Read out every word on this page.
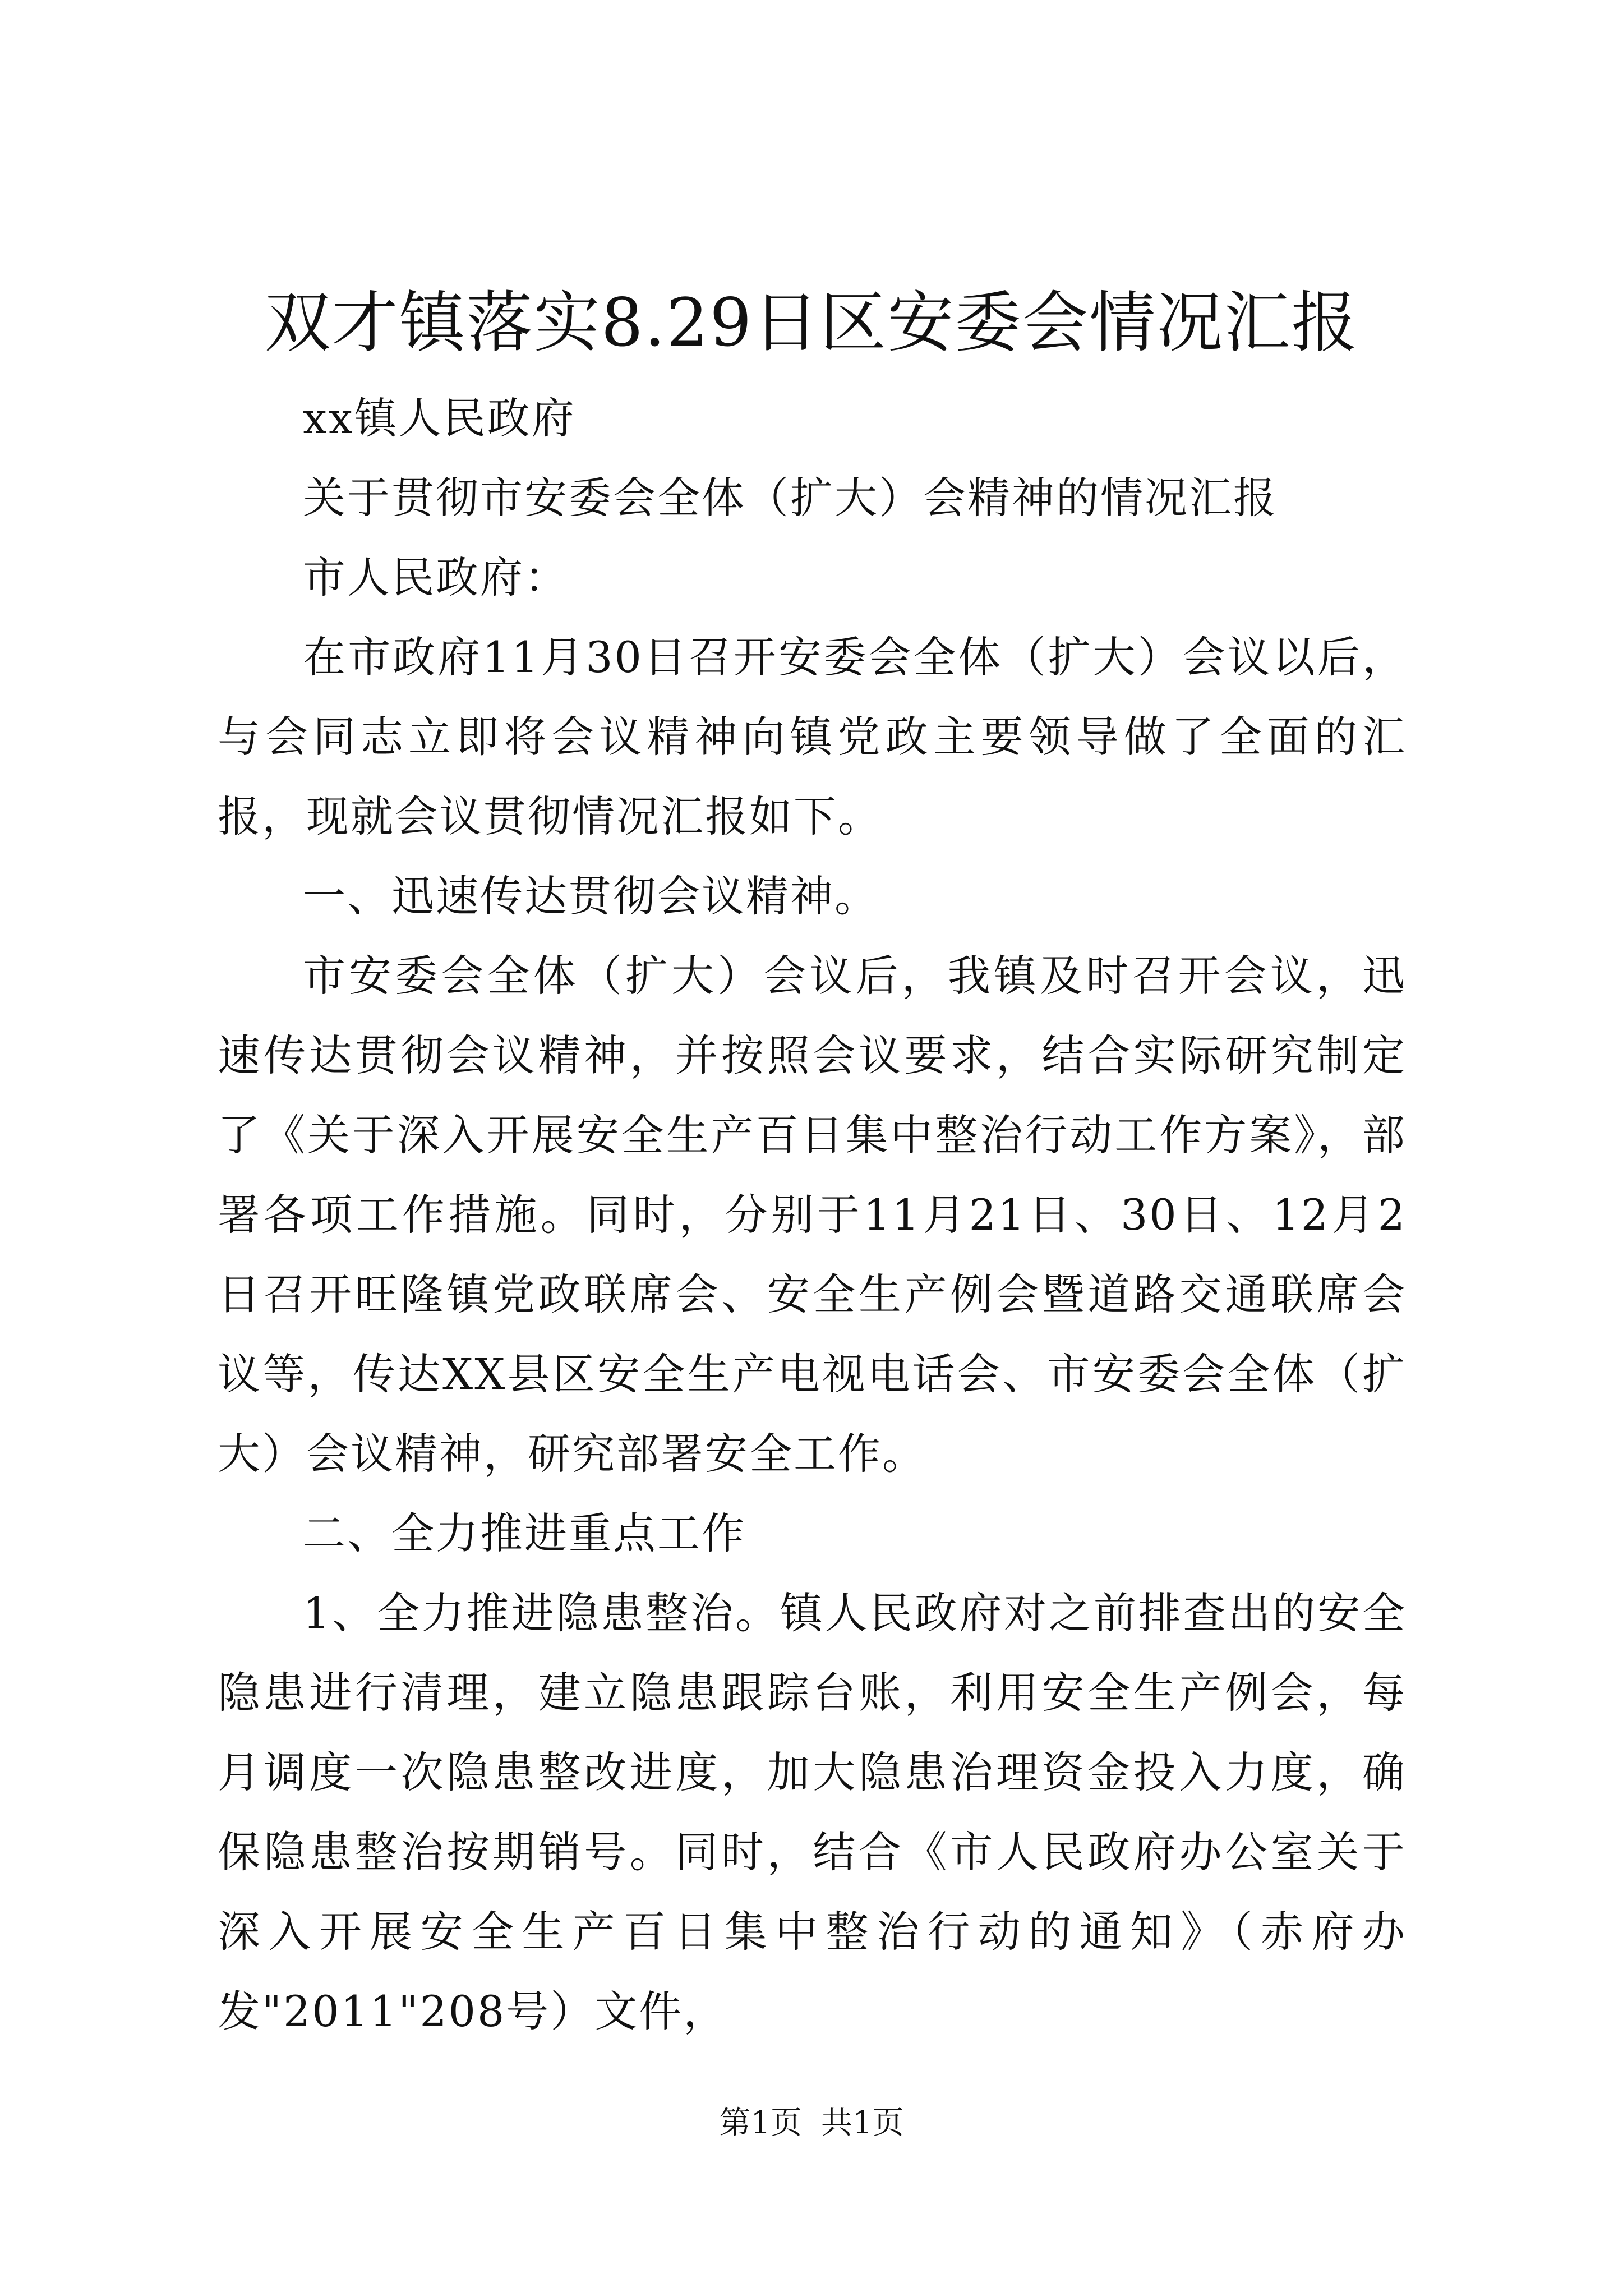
双才镇落实8.29日区安委会情况汇报

xx镇人民政府

关于贯彻市安委会全体（扩大）会精神的情况汇报

市人民政府：

在市政府11月30日召开安委会全体（扩大）会议以后，与会同志立即将会议精神向镇党政主要领导做了全面的汇报，现就会议贯彻情况汇报如下。

一、迅速传达贯彻会议精神。

市安委会全体（扩大）会议后，我镇及时召开会议，迅速传达贯彻会议精神，并按照会议要求，结合实际研究制定了《关于深入开展安全生产百日集中整治行动工作方案》，部署各项工作措施。同时，分别于11月21日、30日、12月2日召开旺隆镇党政联席会、安全生产例会暨道路交通联席会议等，传达XX县区安全生产电视电话会、市安委会全体（扩大）会议精神，研究部署安全工作。

二、全力推进重点工作

1、全力推进隐患整治。镇人民政府对之前排查出的安全隐患进行清理，建立隐患跟踪台账，利用安全生产例会，每月调度一次隐患整改进度，加大隐患治理资金投入力度，确保隐患整治按期销号。同时，结合《市人民政府办公室关于深入开展安全生产百日集中整治行动的通知》（赤府办发"2011"208号）文件，

第1页 共1页
